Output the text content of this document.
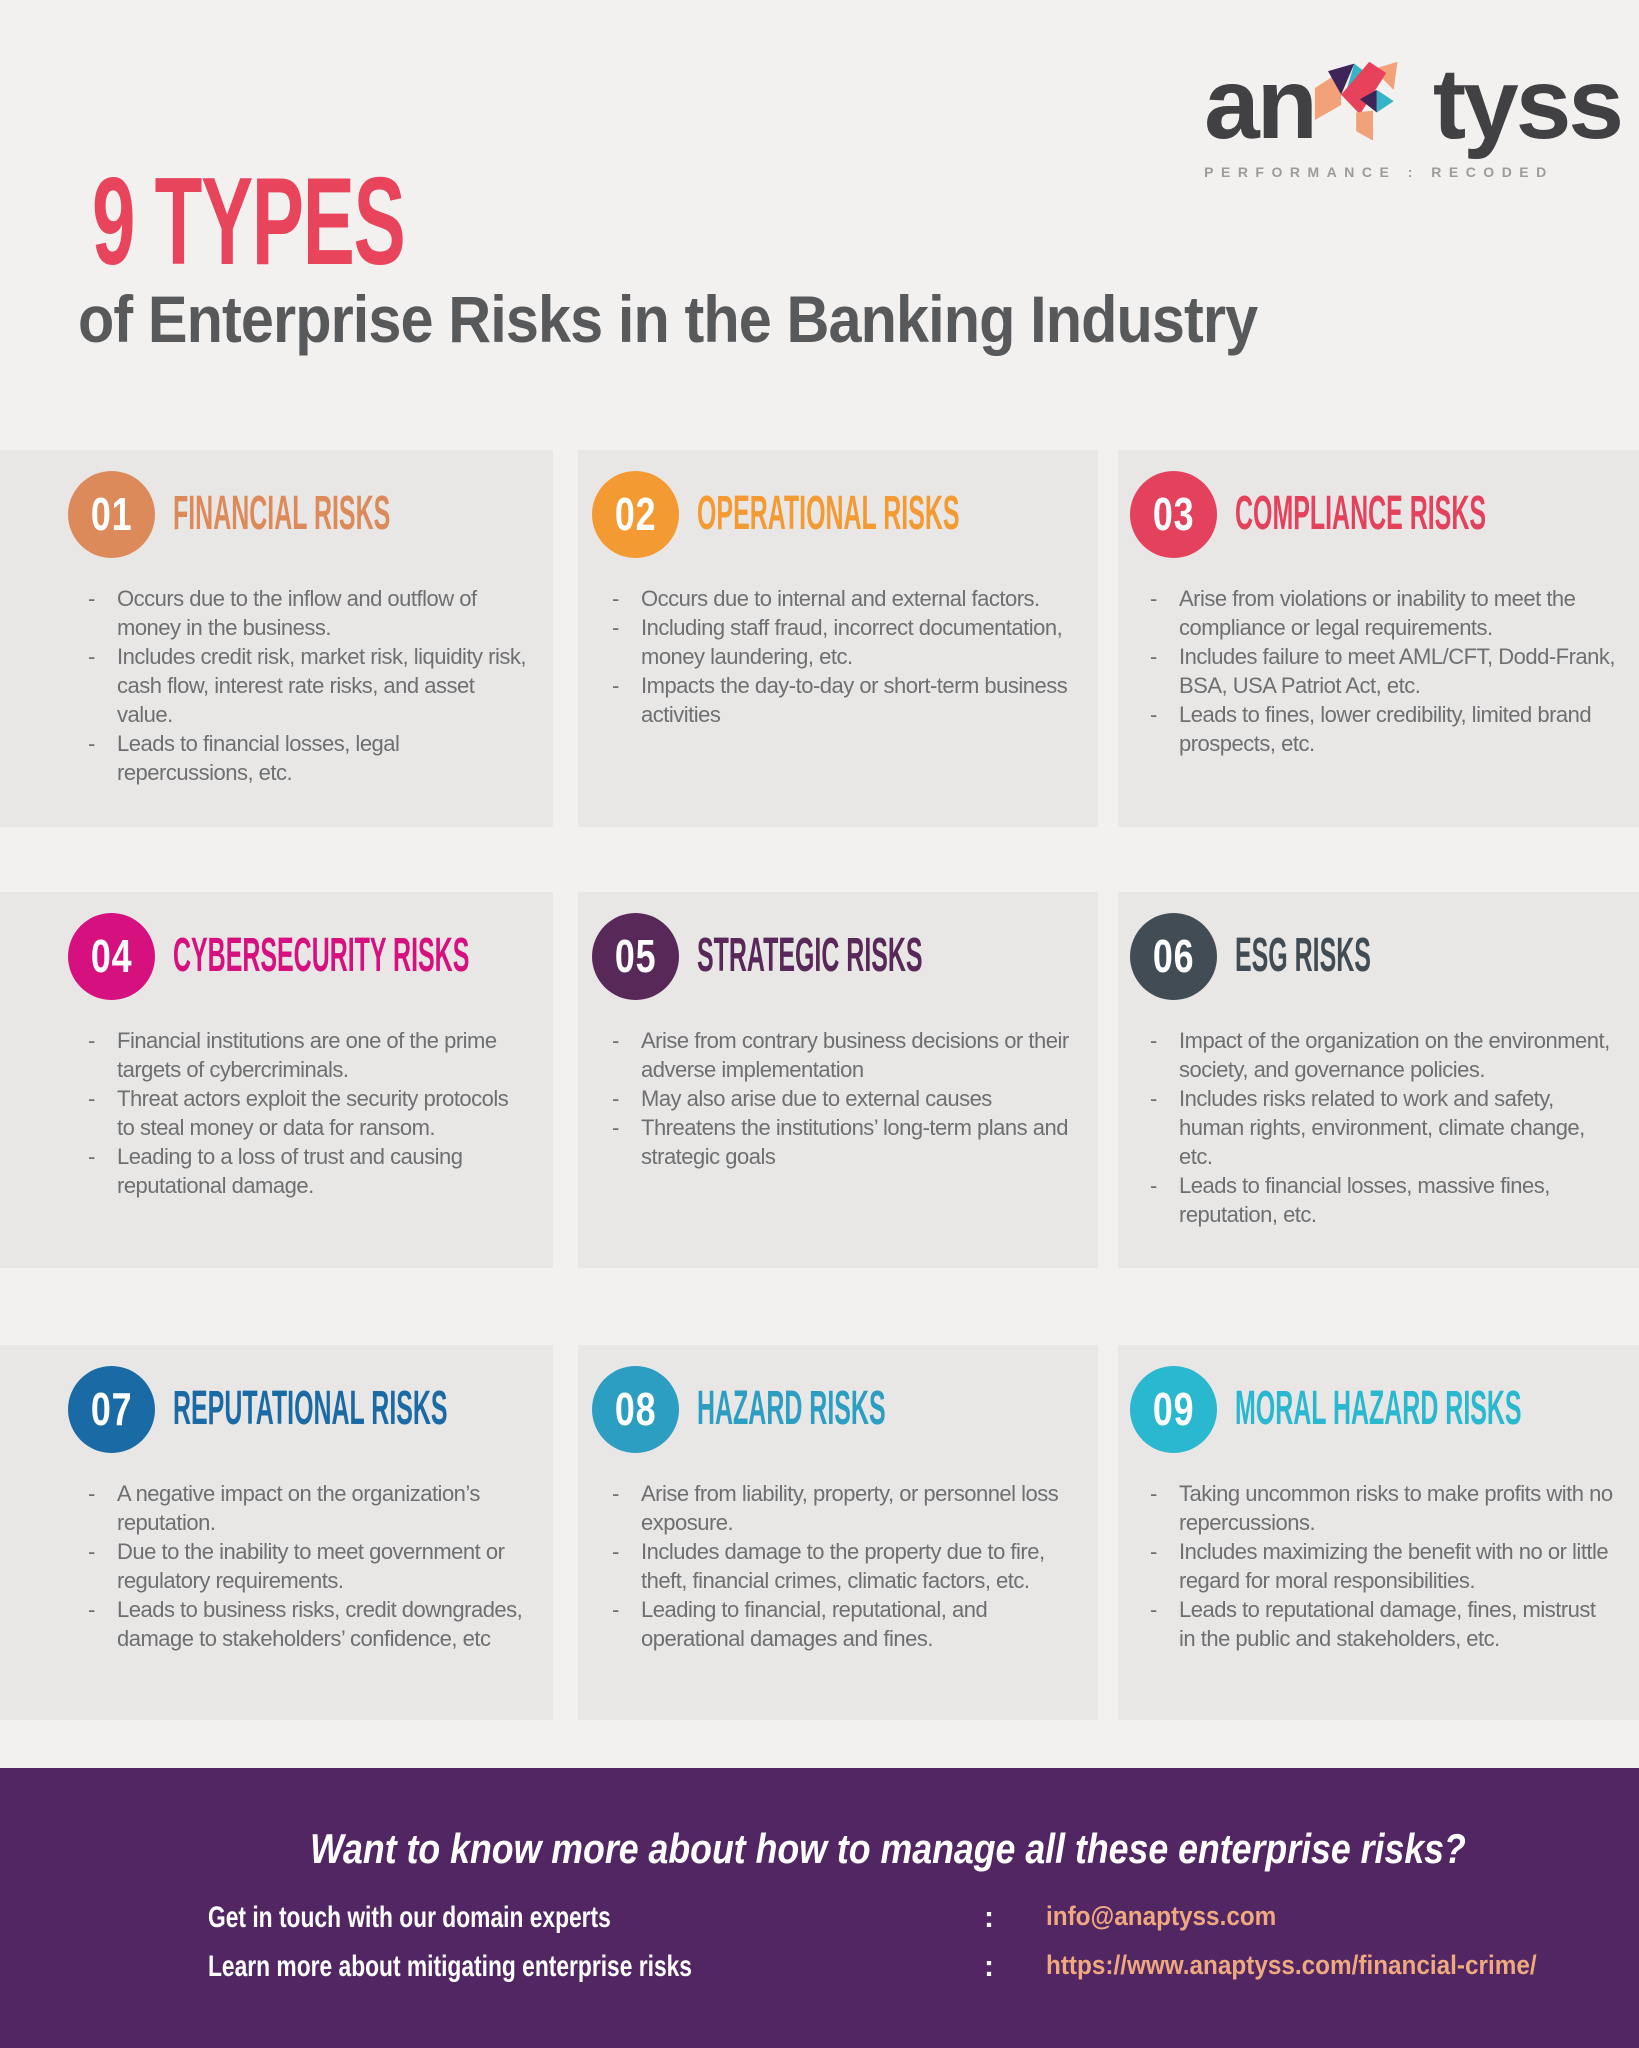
an tyss
PERFORMANCE : RECODED
9 TYPES
of Enterprise Risks in the Banking Industry
01 FINANCIAL RISKS
-	Occurs due to the inflow and outflow of money in the business.
-	Includes credit risk, market risk, liquidity risk, cash flow, interest rate risks, and asset value.
-	Leads to financial losses, legal repercussions, etc.
02 OPERATIONAL RISKS
-	Occurs due to internal and external factors.
-	Including staff fraud, incorrect documentation, money laundering, etc.
-	Impacts the day-to-day or short-term business activities
03 COMPLIANCE RISKS
-	Arise from violations or inability to meet the compliance or legal requirements.
-	Includes failure to meet AML/CFT, Dodd-Frank, BSA, USA Patriot Act, etc.
-	Leads to fines, lower credibility, limited brand prospects, etc.
04 CYBERSECURITY RISKS
-	Financial institutions are one of the prime targets of cybercriminals.
-	Threat actors exploit the security protocols to steal money or data for ransom.
-	Leading to a loss of trust and causing reputational damage.
05 STRATEGIC RISKS
-	Arise from contrary business decisions or their adverse implementation
-	May also arise due to external causes
-	Threatens the institutions’ long-term plans and strategic goals
06 ESG RISKS
-	Impact of the organization on the environment, society, and governance policies.
-	Includes risks related to work and safety, human rights, environment, climate change, etc.
-	Leads to financial losses, massive fines, reputation, etc.
07 REPUTATIONAL RISKS
-	A negative impact on the organization’s reputation.
-	Due to the inability to meet government or regulatory requirements.
-	Leads to business risks, credit downgrades, damage to stakeholders’ confidence, etc
08 HAZARD RISKS
-	Arise from liability, property, or personnel loss exposure.
-	Includes damage to the property due to fire, theft, financial crimes, climatic factors, etc.
-	Leading to financial, reputational, and operational damages and fines.
09 MORAL HAZARD RISKS
-	Taking uncommon risks to make profits with no repercussions.
-	Includes maximizing the benefit with no or little regard for moral responsibilities.
-	Leads to reputational damage, fines, mistrust in the public and stakeholders, etc.
Want to know more about how to manage all these enterprise risks?
Get in touch with our domain experts	: info@anaptyss.com
Learn more about mitigating enterprise risks	: https://www.anaptyss.com/financial-crime/
